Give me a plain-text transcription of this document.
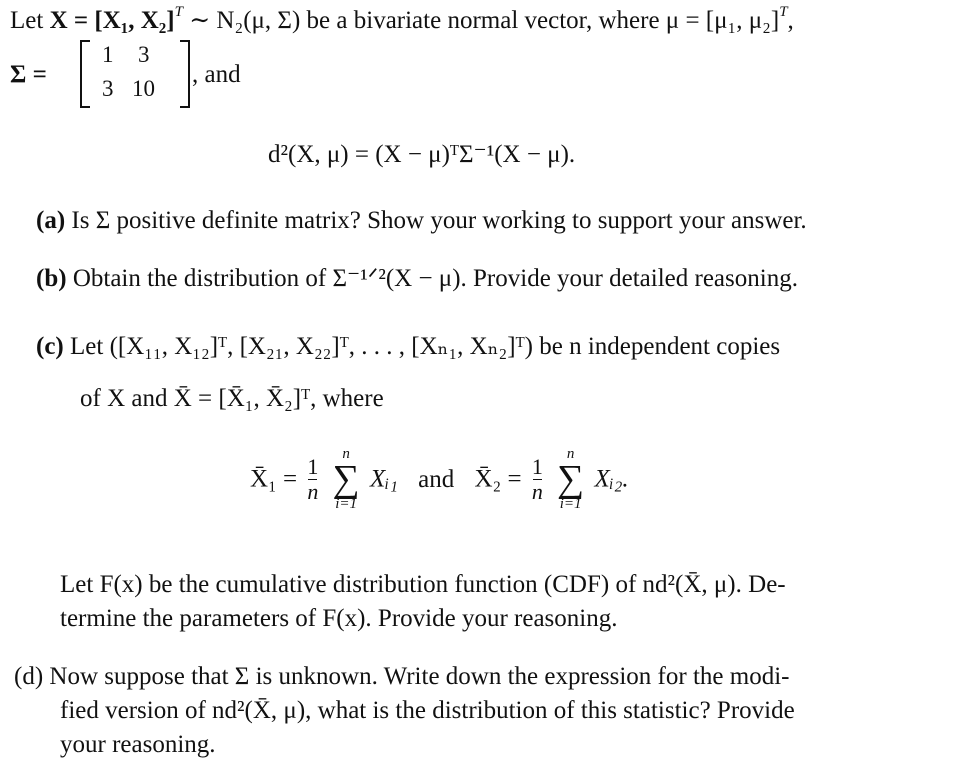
Let X = [X₁, X₂]$^T$ ∼ N₂(μ, Σ) be a bivariate normal vector, where μ = [μ₁, μ₂]$^T$,
Σ =
1 3
3 10
, and
d²(X, μ) = (X − μ)ᵀΣ⁻¹(X − μ).
(a) Is Σ positive definite matrix? Show your working to support your answer.
(b) Obtain the distribution of Σ⁻¹ᐟ²(X − μ). Provide your detailed reasoning.
(c) Let ([X₁₁, X₁₂]ᵀ, [X₂₁, X₂₂]ᵀ, . . . , [Xₙ₁, Xₙ₂]ᵀ) be n independent copies
of X and X̄ = [X̄₁, X̄₂]ᵀ, where
X̄₁ = $\frac{1}{n}$

n
∑
i=1
Xᵢ₁ and X̄₂ = $\frac{1}{n}$

n
∑
i=1
Xᵢ₂.
Let F(x) be the cumulative distribution function (CDF) of nd²(X̄, μ). De-
termine the parameters of F(x). Provide your reasoning.
(d) Now suppose that Σ is unknown. Write down the expression for the modi-
fied version of nd²(X̄, μ), what is the distribution of this statistic? Provide
your reasoning.
